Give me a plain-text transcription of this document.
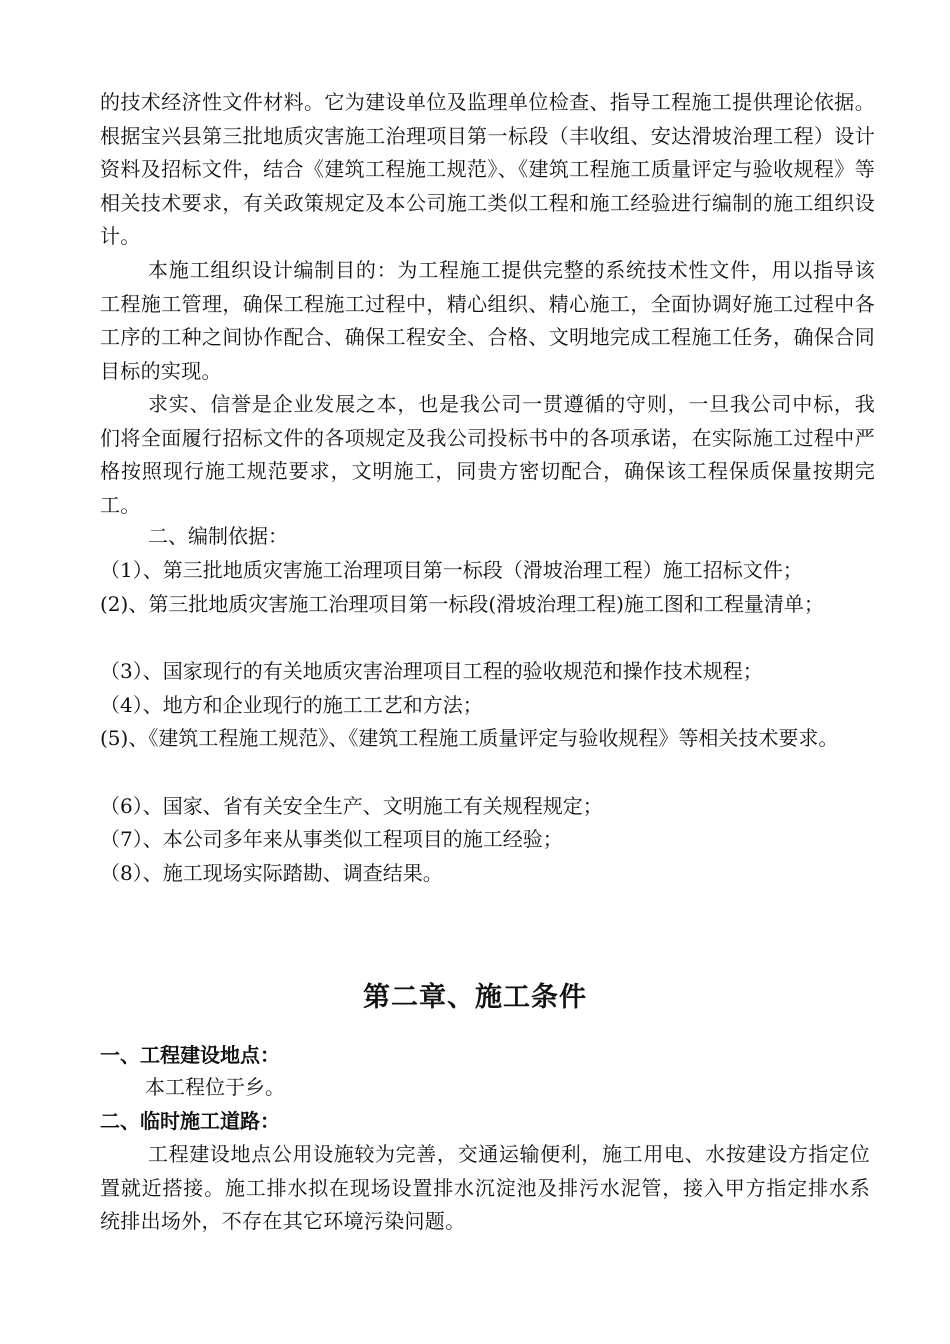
的技术经济性文件材料。它为建设单位及监理单位检查、指导工程施工提供理论依据。根据宝兴县第三批地质灾害施工治理项目第一标段（丰收组、安达滑坡治理工程）设计资料及招标文件，结合《建筑工程施工规范》、《建筑工程施工质量评定与验收规程》等相关技术要求，有关政策规定及本公司施工类似工程和施工经验进行编制的施工组织设计。

本施工组织设计编制目的：为工程施工提供完整的系统技术性文件，用以指导该工程施工管理，确保工程施工过程中，精心组织、精心施工，全面协调好施工过程中各工序的工种之间协作配合、确保工程安全、合格、文明地完成工程施工任务，确保合同目标的实现。

求实、信誉是企业发展之本，也是我公司一贯遵循的守则，一旦我公司中标，我们将全面履行招标文件的各项规定及我公司投标书中的各项承诺，在实际施工过程中严格按照现行施工规范要求，文明施工，同贵方密切配合，确保该工程保质保量按期完工。

二、编制依据：

（1）、第三批地质灾害施工治理项目第一标段（滑坡治理工程）施工招标文件；

(2)、第三批地质灾害施工治理项目第一标段(滑坡治理工程)施工图和工程量清单；

（3）、国家现行的有关地质灾害治理项目工程的验收规范和操作技术规程；

（4）、地方和企业现行的施工工艺和方法；

(5)、《建筑工程施工规范》、《建筑工程施工质量评定与验收规程》等相关技术要求。

（6）、国家、省有关安全生产、文明施工有关规程规定；

（7）、本公司多年来从事类似工程项目的施工经验；

（8）、施工现场实际踏勘、调查结果。

第二章、施工条件
一、工程建设地点：

本工程位于乡。

二、临时施工道路：

工程建设地点公用设施较为完善，交通运输便利，施工用电、水按建设方指定位置就近搭接。施工排水拟在现场设置排水沉淀池及排污水泥管，接入甲方指定排水系统排出场外，不存在其它环境污染问题。
